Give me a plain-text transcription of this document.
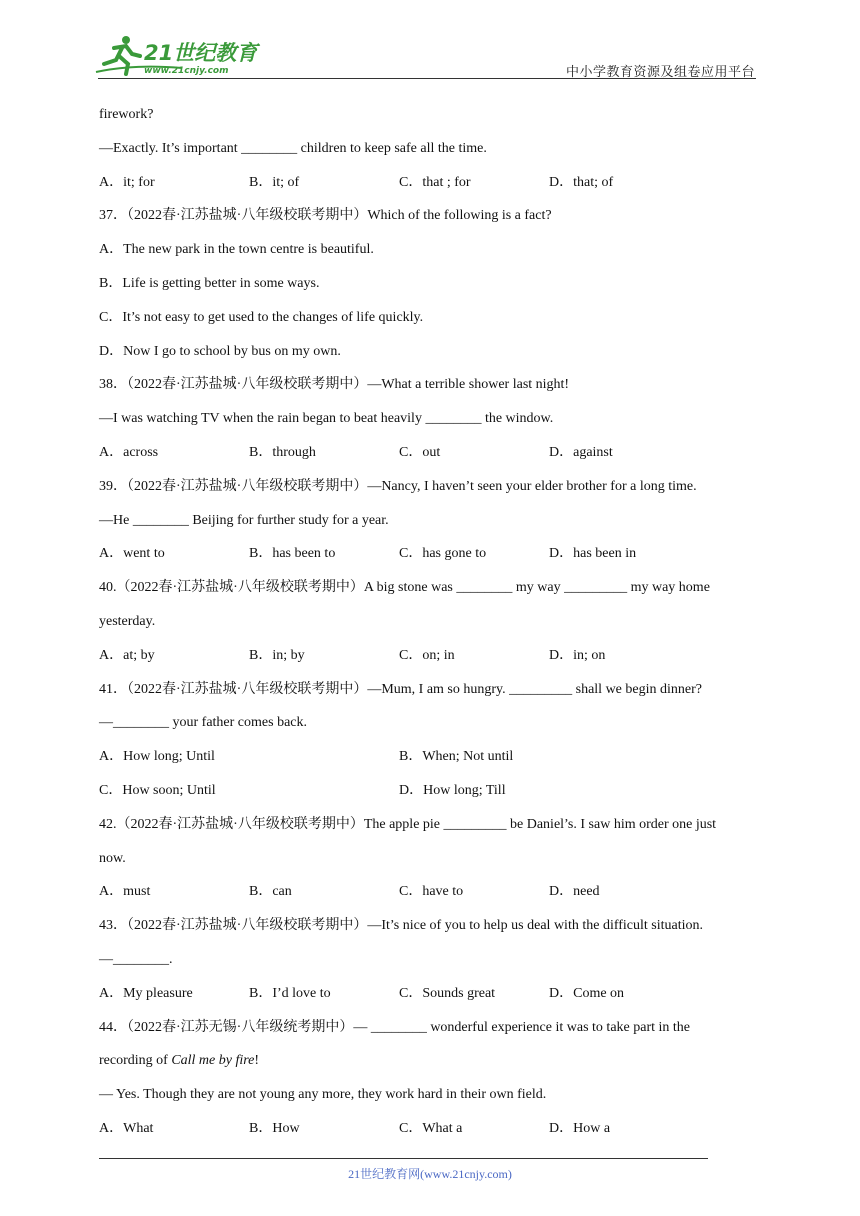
21世纪教育
www.21cnjy.com	中小学教育资源及组卷应用平台
firework?
—Exactly. It’s important ________ children to keep safe all the time.
A．it; for	B．it; of	C．that ; for	D．that; of
37．（2022春·江苏盐城·八年级校联考期中）Which of the following is a fact?
A．The new park in the town centre is beautiful.
B．Life is getting better in some ways.
C．It’s not easy to get used to the changes of life quickly.
D．Now I go to school by bus on my own.
38．（2022春·江苏盐城·八年级校联考期中）—What a terrible shower last night!
—I was watching TV when the rain began to beat heavily ________ the window.
A．across	B．through	C．out	D．against
39．（2022春·江苏盐城·八年级校联考期中）—Nancy, I haven’t seen your elder brother for a long time.
—He ________ Beijing for further study for a year.
A．went to	B．has been to	C．has gone to	D．has been in
40.（2022春·江苏盐城·八年级校联考期中）A big stone was ________ my way _________ my way home
yesterday.
A．at; by	B．in; by	C．on; in	D．in; on
41．（2022春·江苏盐城·八年级校联考期中）—Mum, I am so hungry. _________ shall we begin dinner?
—________ your father comes back.
A．How long; Until	B．When; Not until
C．How soon; Until	D．How long; Till
42.（2022春·江苏盐城·八年级校联考期中）The apple pie _________ be Daniel’s. I saw him order one just
now.
A．must	B．can	C．have to	D．need
43．（2022春·江苏盐城·八年级校联考期中）—It’s nice of you to help us deal with the difficult situation.
—________.
A．My pleasure	B．I’d love to	C．Sounds great	D．Come on
44．（2022春·江苏无锡·八年级统考期中）— ________ wonderful experience it was to take part in the
recording of Call me by fire!
— Yes. Though they are not young any more, they work hard in their own field.
A．What	B．How	C．What a	D．How a
21世纪教育网(www.21cnjy.com)
